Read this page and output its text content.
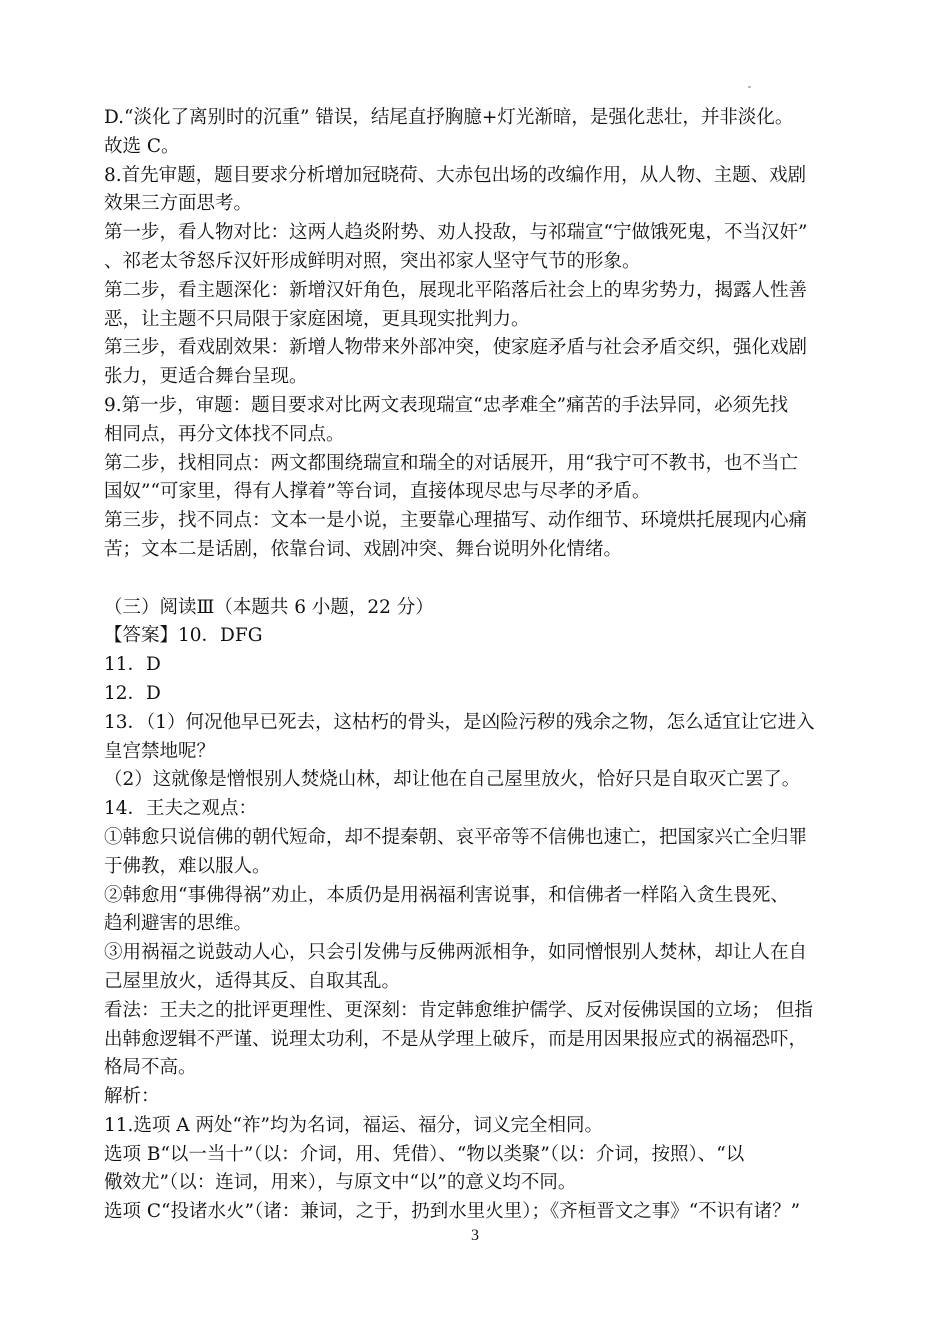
D.“淡化了离别时的沉重” 错误，结尾直抒胸臆+灯光渐暗，是强化悲壮，并非淡化。
故选 C。
8.首先审题，题目要求分析增加冠晓荷、大赤包出场的改编作用，从人物、主题、戏剧
效果三方面思考。
第一步，看人物对比：这两人趋炎附势、劝人投敌，与祁瑞宣“宁做饿死鬼，不当汉奸”
、祁老太爷怒斥汉奸形成鲜明对照，突出祁家人坚守气节的形象。
第二步，看主题深化：新增汉奸角色，展现北平陷落后社会上的卑劣势力，揭露人性善
恶，让主题不只局限于家庭困境，更具现实批判力。
第三步，看戏剧效果：新增人物带来外部冲突，使家庭矛盾与社会矛盾交织，强化戏剧
张力，更适合舞台呈现。
9.第一步，审题：题目要求对比两文表现瑞宣“忠孝难全”痛苦的手法异同，必须先找
相同点，再分文体找不同点。
第二步，找相同点：两文都围绕瑞宣和瑞全的对话展开，用“我宁可不教书，也不当亡
国奴”“可家里，得有人撑着”等台词，直接体现尽忠与尽孝的矛盾。
第三步，找不同点：文本一是小说，主要靠心理描写、动作细节、环境烘托展现内心痛
苦；文本二是话剧，依靠台词、戏剧冲突、舞台说明外化情绪。
（三）阅读Ⅲ（本题共 6 小题，22 分）
【答案】10．DFG
11．D
12．D
13．（1）何况他早已死去，这枯朽的骨头，是凶险污秽的残余之物，怎么适宜让它进入
皇宫禁地呢？
（2）这就像是憎恨别人焚烧山林，却让他在自己屋里放火，恰好只是自取灭亡罢了。
14．王夫之观点：
①韩愈只说信佛的朝代短命，却不提秦朝、哀平帝等不信佛也速亡，把国家兴亡全归罪
于佛教，难以服人。
②韩愈用“事佛得祸”劝止，本质仍是用祸福利害说事，和信佛者一样陷入贪生畏死、
趋利避害的思维。
③用祸福之说鼓动人心，只会引发佛与反佛两派相争，如同憎恨别人焚林，却让人在自
己屋里放火，适得其反、自取其乱。
看法：王夫之的批评更理性、更深刻：肯定韩愈维护儒学、反对佞佛误国的立场； 但指
出韩愈逻辑不严谨、说理太功利，不是从学理上破斥，而是用因果报应式的祸福恐吓，
格局不高。
解析：
11.选项 A 两处“祚”均为名词，福运、福分，词义完全相同。
选项 B“以一当十”（以：介词，用、凭借）、“物以类聚”（以：介词，按照）、“以
儆效尤”（以：连词，用来），与原文中“以”的意义均不同。
选项 C“投诸水火”（诸：兼词，之于，扔到水里火里）；《齐桓晋文之事》“不识有诸？”
3
